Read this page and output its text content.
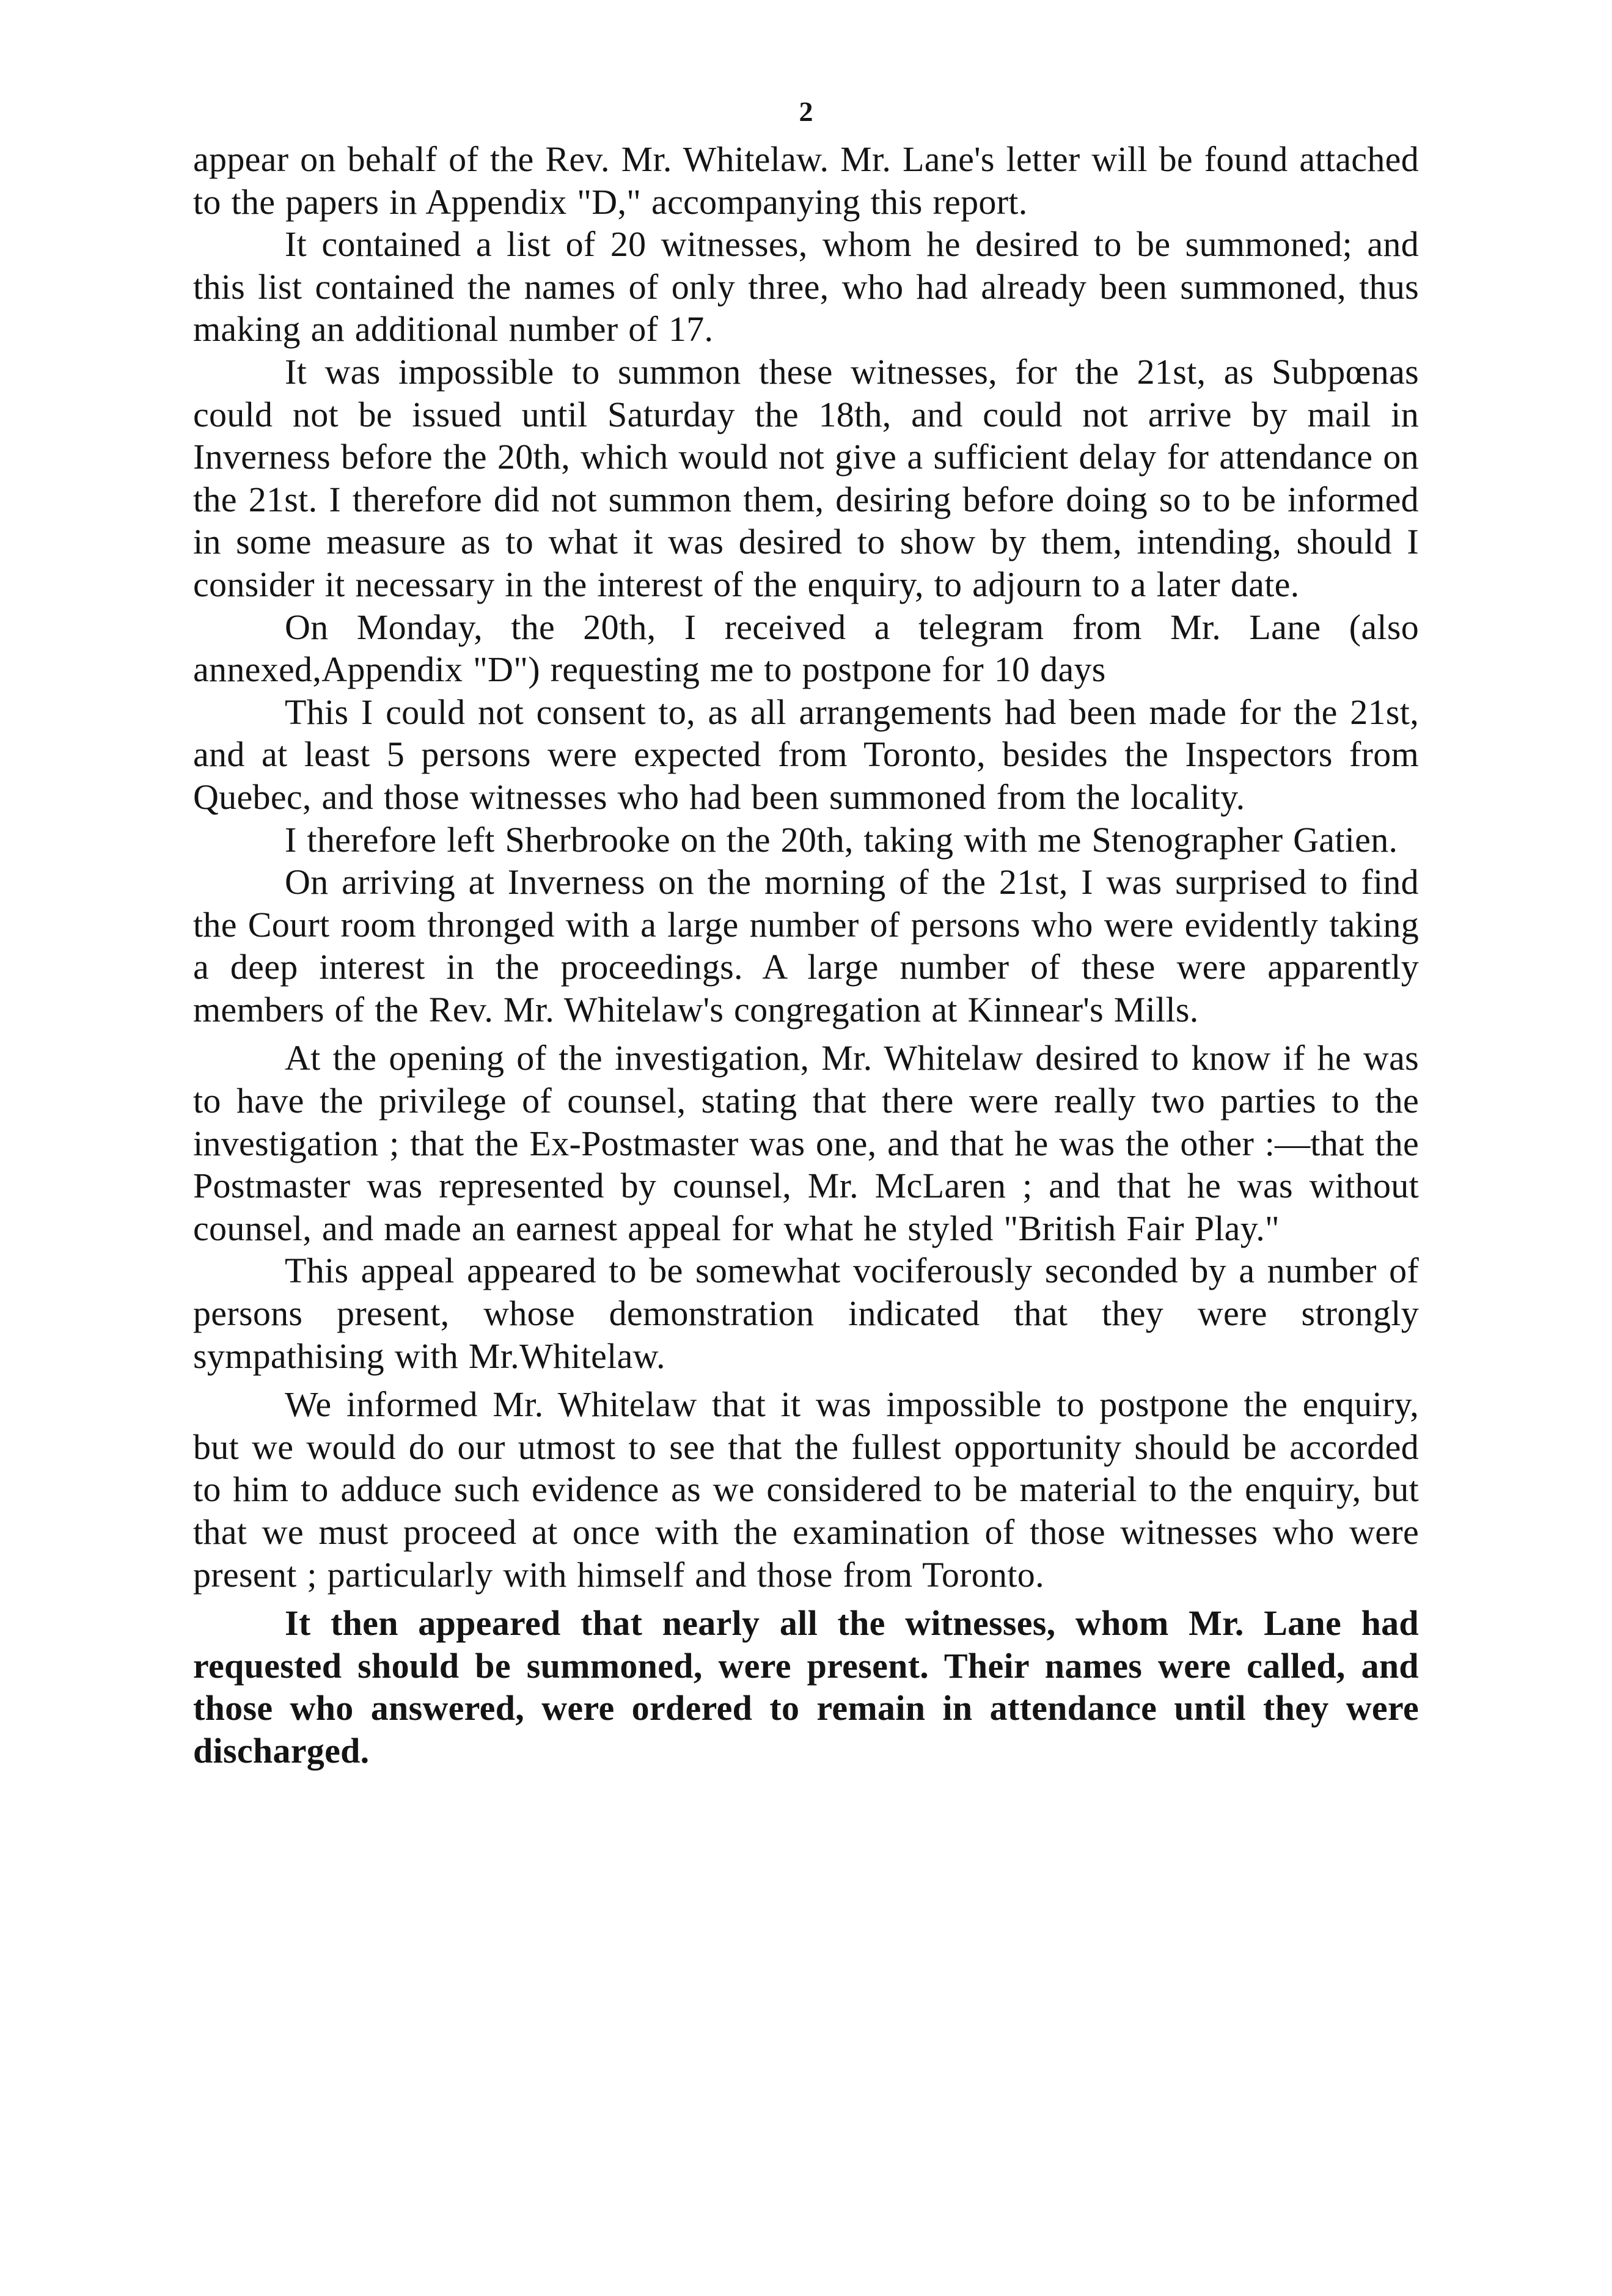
2

appear on behalf of the Rev. Mr. Whitelaw. Mr. Lane's letter will be found attached to the papers in Appendix "D," accompanying this report.

It contained a list of 20 witnesses, whom he desired to be summoned; and this list contained the names of only three, who had already been summoned, thus making an additional number of 17.

It was impossible to summon these witnesses, for the 21st, as Subpœnas could not be issued until Saturday the 18th, and could not arrive by mail in Inverness before the 20th, which would not give a sufficient delay for attendance on the 21st. I therefore did not summon them, desiring before doing so to be informed in some measure as to what it was desired to show by them, intending, should I consider it necessary in the interest of the enquiry, to adjourn to a later date.

On Monday, the 20th, I received a telegram from Mr. Lane (also annexed,Appendix "D") requesting me to postpone for 10 days

This I could not consent to, as all arrangements had been made for the 21st, and at least 5 persons were expected from Toronto, besides the Inspectors from Quebec, and those witnesses who had been summoned from the locality.

I therefore left Sherbrooke on the 20th, taking with me Stenographer Gatien.

On arriving at Inverness on the morning of the 21st, I was surprised to find the Court room thronged with a large number of persons who were evidently taking a deep interest in the proceedings. A large number of these were apparently members of the Rev. Mr. Whitelaw's congregation at Kinnear's Mills.

At the opening of the investigation, Mr. Whitelaw desired to know if he was to have the privilege of counsel, stating that there were really two parties to the investigation ; that the Ex-Postmaster was one, and that he was the other :—that the Postmaster was represented by counsel, Mr. McLaren ; and that he was without counsel, and made an earnest appeal for what he styled "British Fair Play."

This appeal appeared to be somewhat vociferously seconded by a number of persons present, whose demonstration indicated that they were strongly sympathising with Mr.Whitelaw.

We informed Mr. Whitelaw that it was impossible to postpone the enquiry, but we would do our utmost to see that the fullest opportunity should be accorded to him to adduce such evidence as we considered to be material to the enquiry, but that we must proceed at once with the examination of those witnesses who were present ; particularly with himself and those from Toronto.

It then appeared that nearly all the witnesses, whom Mr. Lane had requested should be summoned, were present. Their names were called, and those who answered, were ordered to remain in attendance until they were discharged.
